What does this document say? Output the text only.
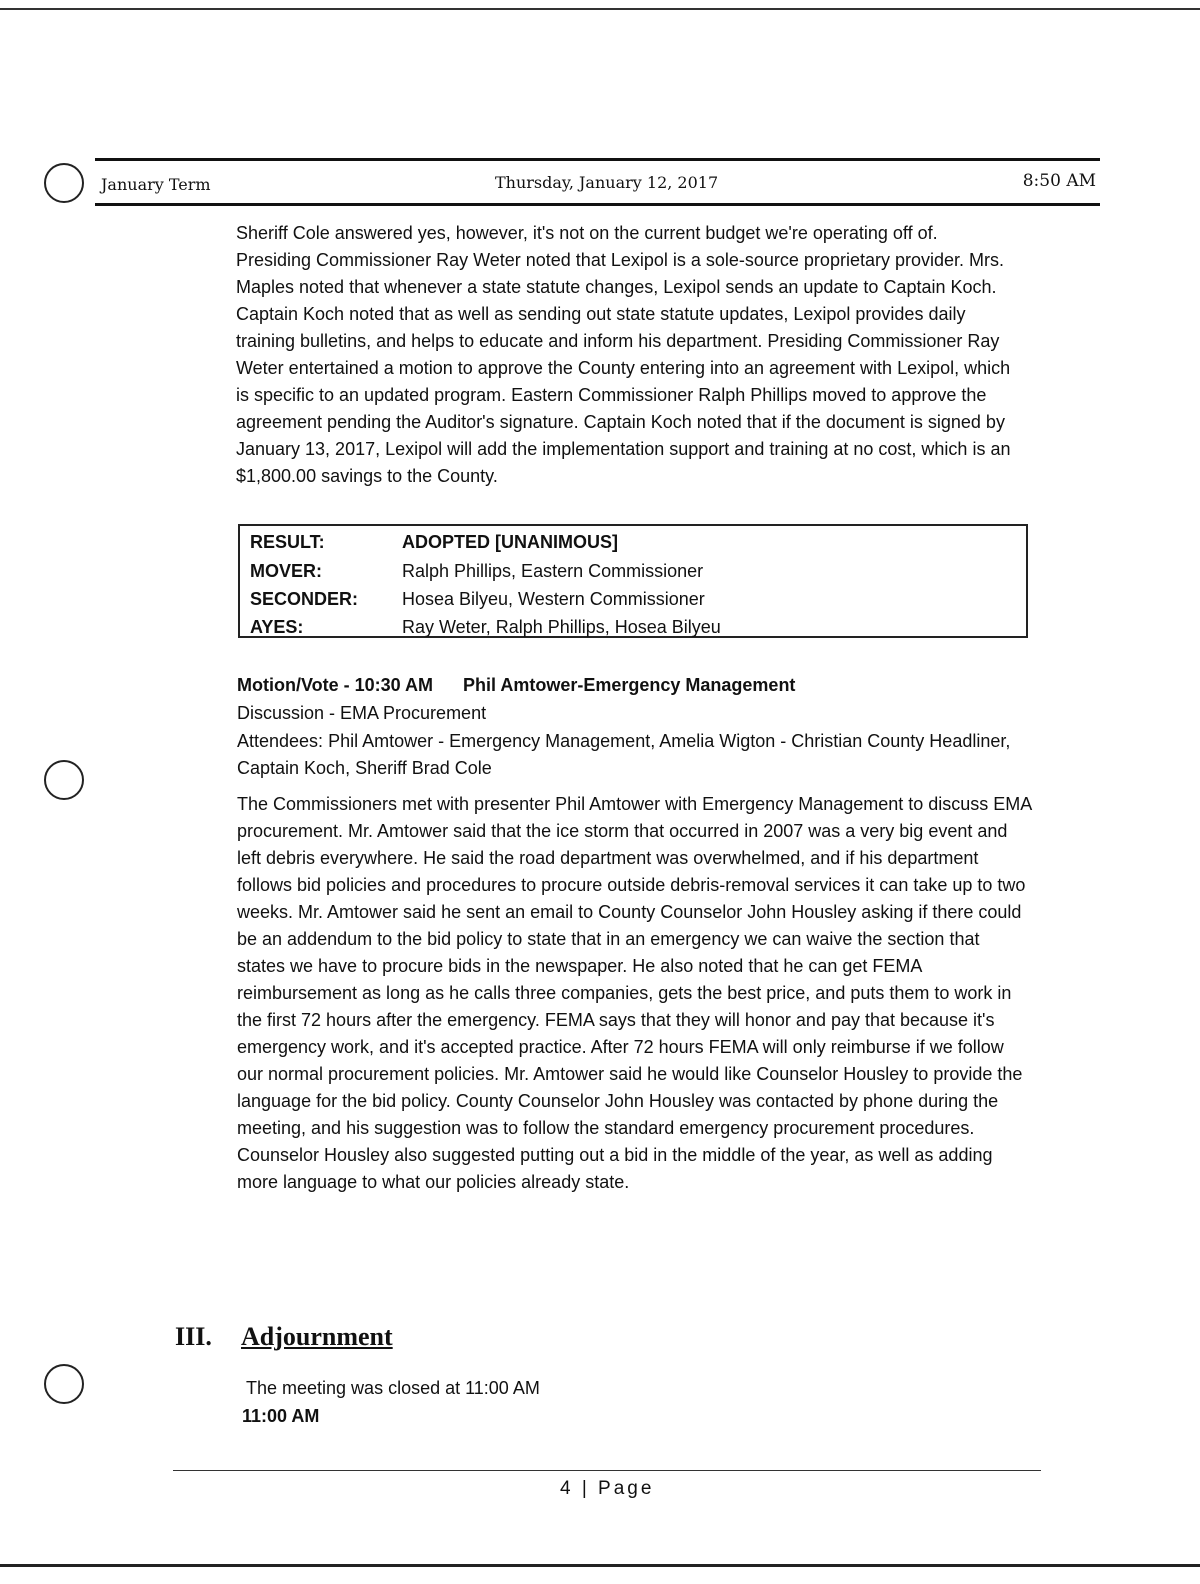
January Term	Thursday, January 12, 2017	8:50 AM

Sheriff Cole answered yes, however, it's not on the current budget we're operating off of. Presiding Commissioner Ray Weter noted that Lexipol is a sole-source proprietary provider. Mrs. Maples noted that whenever a state statute changes, Lexipol sends an update to Captain Koch. Captain Koch noted that as well as sending out state statute updates, Lexipol provides daily training bulletins, and helps to educate and inform his department. Presiding Commissioner Ray Weter entertained a motion to approve the County entering into an agreement with Lexipol, which is specific to an updated program. Eastern Commissioner Ralph Phillips moved to approve the agreement pending the Auditor's signature. Captain Koch noted that if the document is signed by January 13, 2017, Lexipol will add the implementation support and training at no cost, which is an $1,800.00 savings to the County.

RESULT:	ADOPTED [UNANIMOUS]
MOVER:	Ralph Phillips, Eastern Commissioner
SECONDER: Hosea Bilyeu, Western Commissioner
AYES:	Ray Weter, Ralph Phillips, Hosea Bilyeu
Motion/Vote - 10:30 AM Phil Amtower-Emergency Management
Discussion - EMA Procurement
Attendees: Phil Amtower - Emergency Management, Amelia Wigton - Christian County Headliner, Captain Koch, Sheriff Brad Cole

The Commissioners met with presenter Phil Amtower with Emergency Management to discuss EMA procurement. Mr. Amtower said that the ice storm that occurred in 2007 was a very big event and left debris everywhere. He said the road department was overwhelmed, and if his department follows bid policies and procedures to procure outside debris-removal services it can take up to two weeks. Mr. Amtower said he sent an email to County Counselor John Housley asking if there could be an addendum to the bid policy to state that in an emergency we can waive the section that states we have to procure bids in the newspaper. He also noted that he can get FEMA reimbursement as long as he calls three companies, gets the best price, and puts them to work in the first 72 hours after the emergency. FEMA says that they will honor and pay that because it's emergency work, and it's accepted practice. After 72 hours FEMA will only reimburse if we follow our normal procurement policies. Mr. Amtower said he would like Counselor Housley to provide the language for the bid policy. County Counselor John Housley was contacted by phone during the meeting, and his suggestion was to follow the standard emergency procurement procedures. Counselor Housley also suggested putting out a bid in the middle of the year, as well as adding more language to what our policies already state.

III. Adjournment
The meeting was closed at 11:00 AM
11:00 AM
4 | Page
